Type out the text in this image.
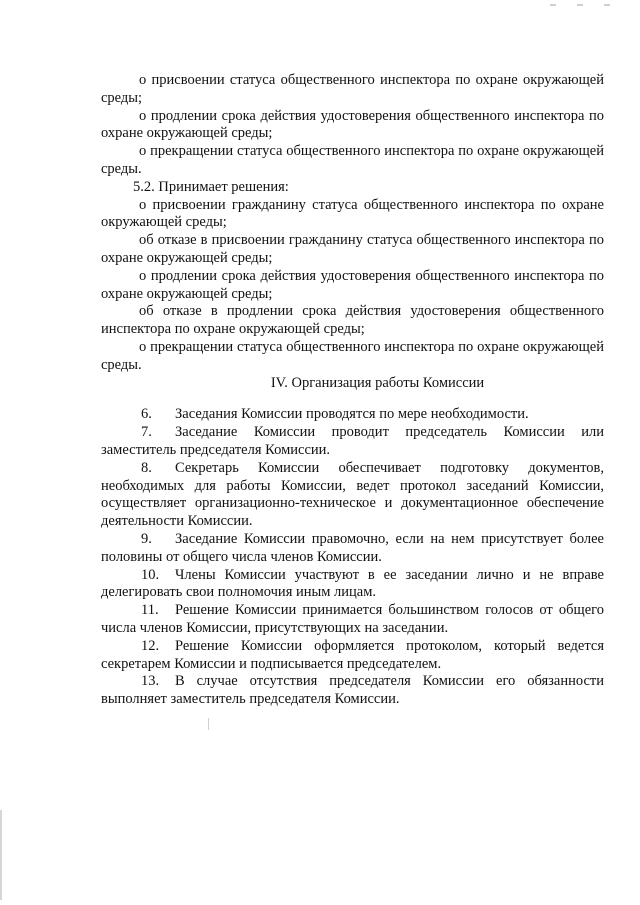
о присвоении статуса общественного инспектора по охране окружающей среды;

о продлении срока действия удостоверения общественного инспектора по охране окружающей среды;

о прекращении статуса общественного инспектора по охране окружающей среды.

5.2. Принимает решения:

о присвоении гражданину статуса общественного инспектора по охране окружающей среды;

об отказе в присвоении гражданину статуса общественного инспектора по охране окружающей среды;

о продлении срока действия удостоверения общественного инспектора по охране окружающей среды;

об отказе в продлении срока действия удостоверения общественного инспектора по охране окружающей среды;

о прекращении статуса общественного инспектора по охране окружающей среды.

IV. Организация работы Комиссии

6. Заседания Комиссии проводятся по мере необходимости.

7. Заседание Комиссии проводит председатель Комиссии или заместитель председателя Комиссии.

8. Секретарь Комиссии обеспечивает подготовку документов, необходимых для работы Комиссии, ведет протокол заседаний Комиссии, осуществляет организационно-техническое и документационное обеспечение деятельности Комиссии.

9. Заседание Комиссии правомочно, если на нем присутствует более половины от общего числа членов Комиссии.

10. Члены Комиссии участвуют в ее заседании лично и не вправе делегировать свои полномочия иным лицам.

11. Решение Комиссии принимается большинством голосов от общего числа членов Комиссии, присутствующих на заседании.

12. Решение Комиссии оформляется протоколом, который ведется секретарем Комиссии и подписывается председателем.

13. В случае отсутствия председателя Комиссии его обязанности выполняет заместитель председателя Комиссии.
